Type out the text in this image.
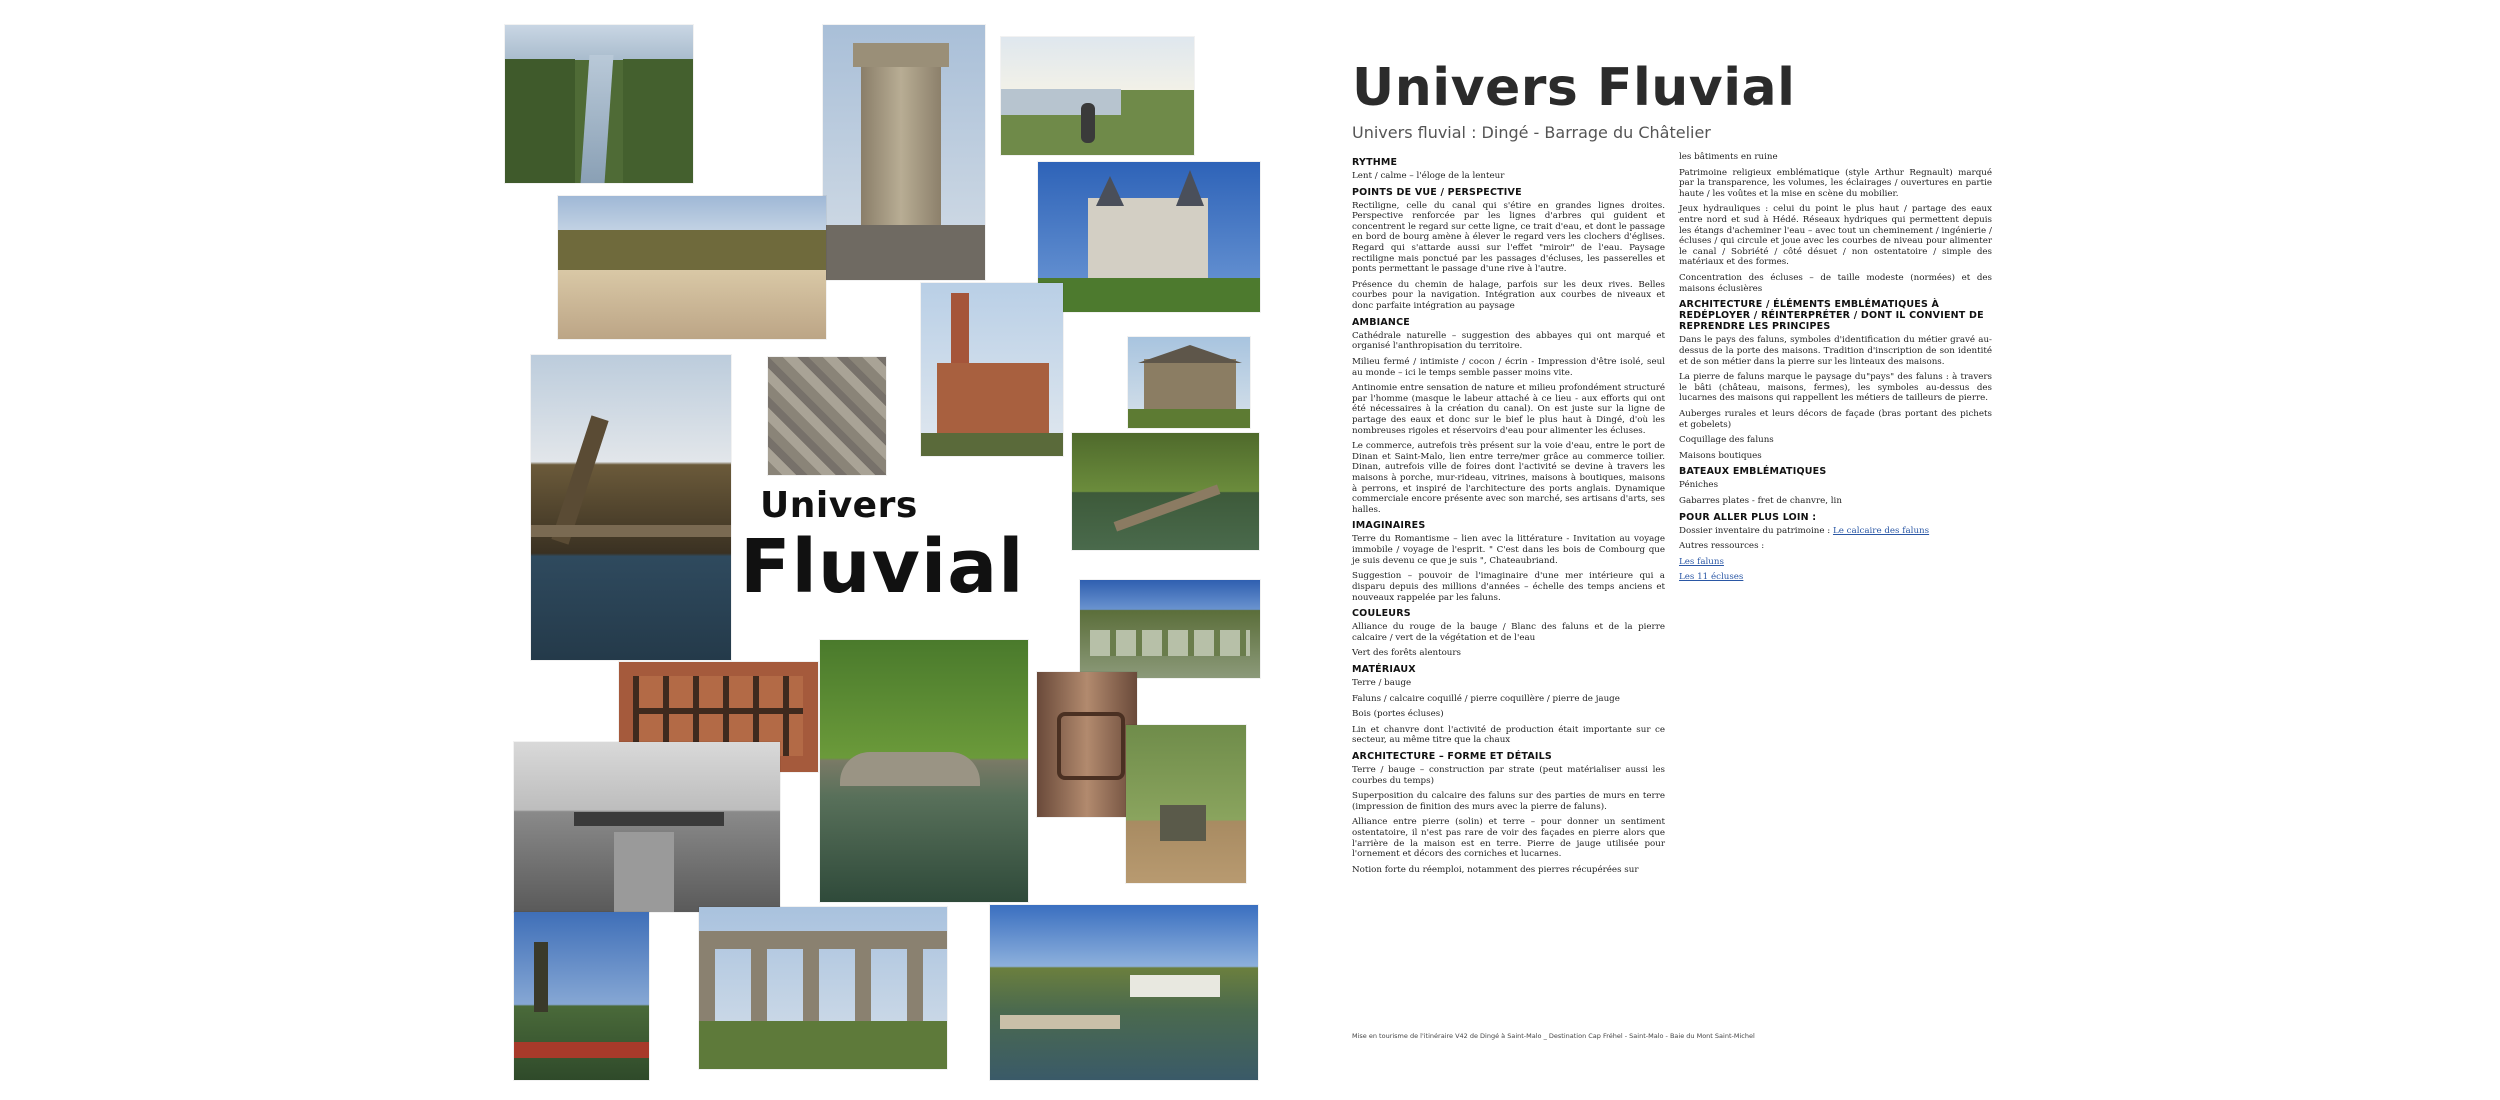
Univers
Fluvial
Univers Fluvial
Univers fluvial : Dingé - Barrage du Châtelier
RYTHME

Lent / calme – l'éloge de la lenteur

POINTS DE VUE / PERSPECTIVE

Rectiligne, celle du canal qui s'étire en grandes lignes droites. Perspective renforcée par les lignes d'arbres qui guident et concentrent le regard sur cette ligne, ce trait d'eau, et dont le passage en bord de bourg amène à élever le regard vers les clochers d'églises. Regard qui s'attarde aussi sur l'effet "miroir" de l'eau. Paysage rectiligne mais ponctué par les passages d'écluses, les passerelles et ponts permettant le passage d'une rive à l'autre.

Présence du chemin de halage, parfois sur les deux rives. Belles courbes pour la navigation. Intégration aux courbes de niveaux et donc parfaite intégration au paysage

AMBIANCE

Cathédrale naturelle – suggestion des abbayes qui ont marqué et organisé l'anthropisation du territoire.

Milieu fermé / intimiste / cocon / écrin - Impression d'être isolé, seul au monde – ici le temps semble passer moins vite.

Antinomie entre sensation de nature et milieu profondément structuré par l'homme (masque le labeur attaché à ce lieu - aux efforts qui ont été nécessaires à la création du canal). On est juste sur la ligne de partage des eaux et donc sur le bief le plus haut à Dingé, d'où les nombreuses rigoles et réservoirs d'eau pour alimenter les écluses.

Le commerce, autrefois très présent sur la voie d'eau, entre le port de Dinan et Saint-Malo, lien entre terre/mer grâce au commerce toilier. Dinan, autrefois ville de foires dont l'activité se devine à travers les maisons à porche, mur-rideau, vitrines, maisons à boutiques, maisons à perrons, et inspiré de l'architecture des ports anglais. Dynamique commerciale encore présente avec son marché, ses artisans d'arts, ses halles.

IMAGINAIRES

Terre du Romantisme – lien avec la littérature - Invitation au voyage immobile / voyage de l'esprit. " C'est dans les bois de Combourg que je suis devenu ce que je suis ", Chateaubriand.

Suggestion – pouvoir de l'imaginaire d'une mer intérieure qui a disparu depuis des millions d'années – échelle des temps anciens et nouveaux rappelée par les faluns.

COULEURS

Alliance du rouge de la bauge / Blanc des faluns et de la pierre calcaire / vert de la végétation et de l'eau

Vert des forêts alentours

MATÉRIAUX

Terre / bauge

Faluns / calcaire coquillé / pierre coquillère / pierre de jauge

Bois (portes écluses)

Lin et chanvre dont l'activité de production était importante sur ce secteur, au même titre que la chaux

ARCHITECTURE – FORME ET DÉTAILS

Terre / bauge – construction par strate (peut matérialiser aussi les courbes du temps)

Superposition du calcaire des faluns sur des parties de murs en terre (impression de finition des murs avec la pierre de faluns).

Alliance entre pierre (solin) et terre – pour donner un sentiment ostentatoire, il n'est pas rare de voir des façades en pierre alors que l'arrière de la maison est en terre. Pierre de jauge utilisée pour l'ornement et décors des corniches et lucarnes.

Notion forte du réemploi, notamment des pierres récupérées sur

les bâtiments en ruine

Patrimoine religieux emblématique (style Arthur Regnault) marqué par la transparence, les volumes, les éclairages / ouvertures en partie haute / les voûtes et la mise en scène du mobilier.

Jeux hydrauliques : celui du point le plus haut / partage des eaux entre nord et sud à Hédé. Réseaux hydriques qui permettent depuis les étangs d'acheminer l'eau – avec tout un cheminement / ingénierie / écluses / qui circule et joue avec les courbes de niveau pour alimenter le canal / Sobriété / côté désuet / non ostentatoire / simple des matériaux et des formes.

Concentration des écluses – de taille modeste (normées) et des maisons éclusières

ARCHITECTURE / ÉLÉMENTS EMBLÉMATIQUES À REDÉPLOYER / RÉINTERPRÉTER / DONT IL CONVIENT DE REPRENDRE LES PRINCIPES

Dans le pays des faluns, symboles d'identification du métier gravé au-dessus de la porte des maisons. Tradition d'inscription de son identité et de son métier dans la pierre sur les linteaux des maisons.

La pierre de faluns marque le paysage du"pays" des faluns : à travers le bâti (château, maisons, fermes), les symboles au-dessus des lucarnes des maisons qui rappellent les métiers de tailleurs de pierre.

Auberges rurales et leurs décors de façade (bras portant des pichets et gobelets)

Coquillage des faluns

Maisons boutiques

BATEAUX EMBLÉMATIQUES

Péniches

Gabarres plates - fret de chanvre, lin

POUR ALLER PLUS LOIN :

Dossier inventaire du patrimoine : Le calcaire des faluns

Autres ressources :

Les faluns

Les 11 écluses

Mise en tourisme de l'itinéraire V42 de Dingé à Saint-Malo _ Destination Cap Fréhel - Saint-Malo - Baie du Mont Saint-Michel
